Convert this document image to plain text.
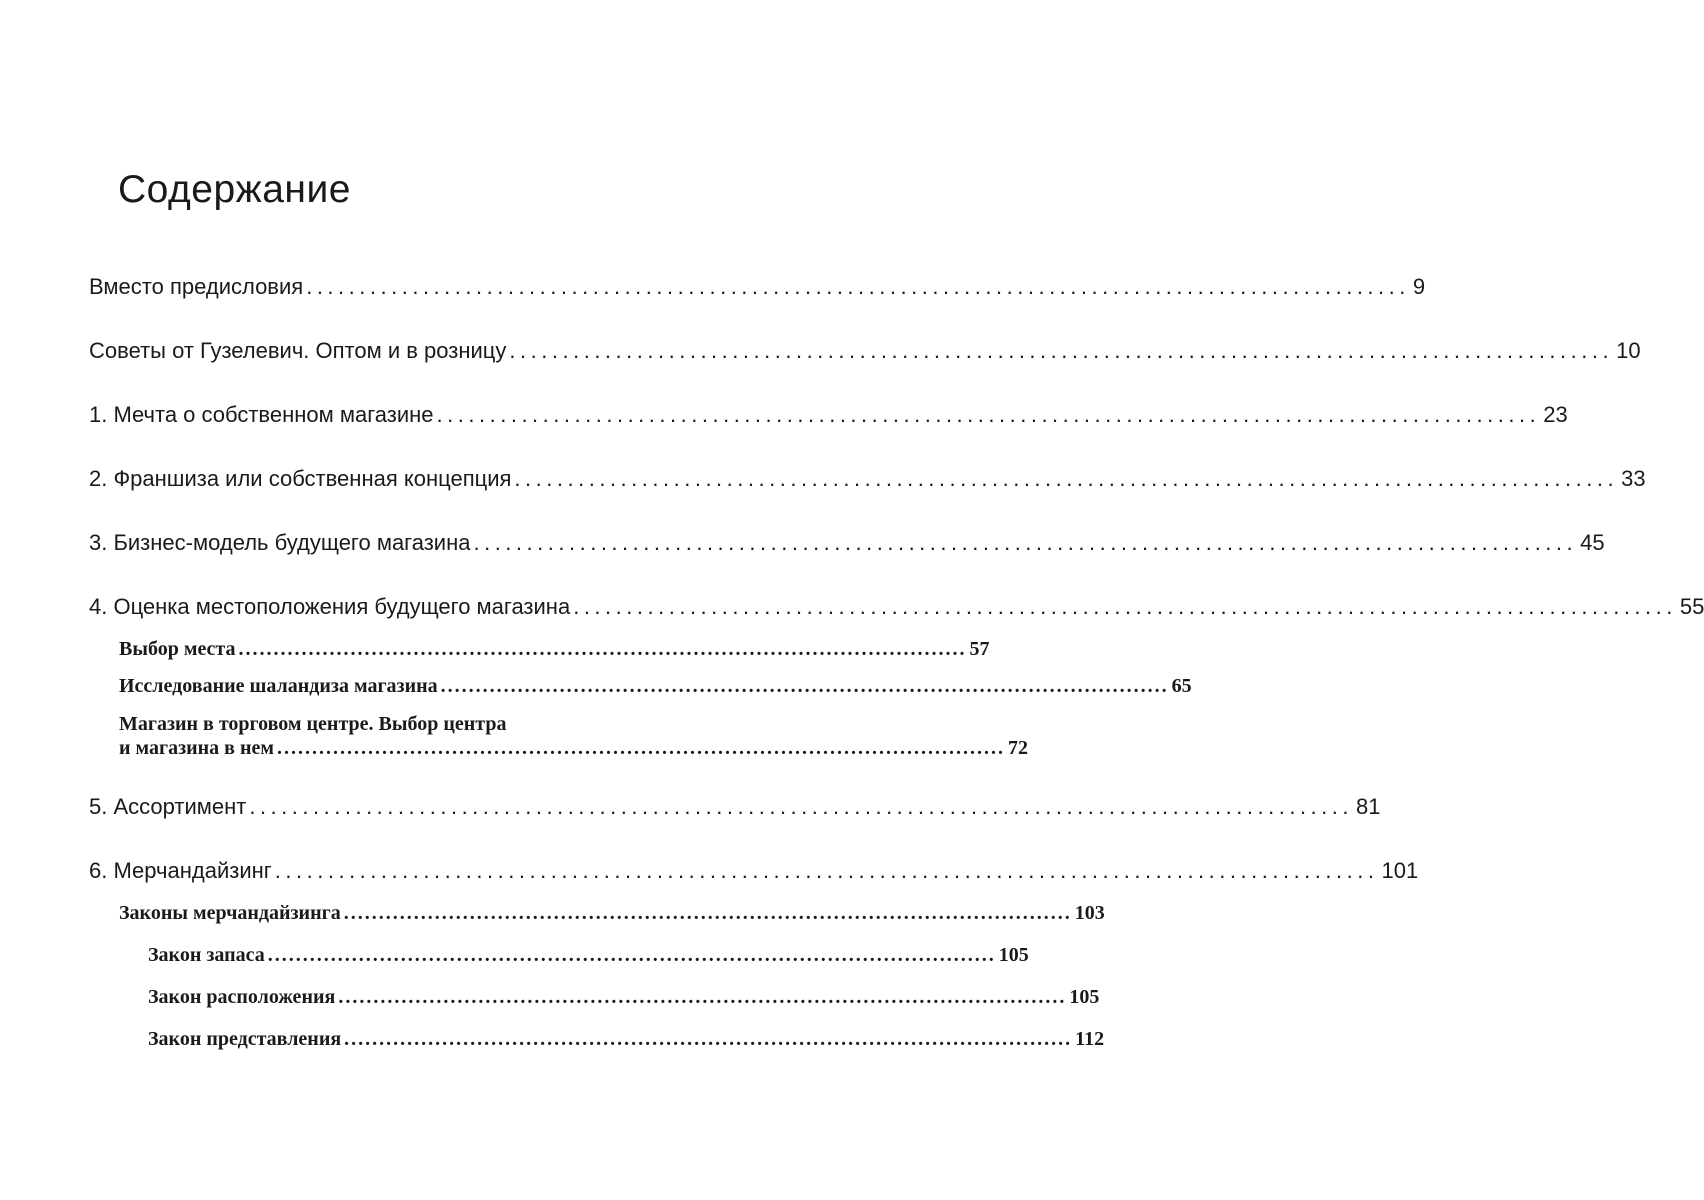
Содержание
Вместо предисловия ........................................................................................................ 9
Советы от Гузелевич. Оптом и в розницу ........................................................................................................ 10
1. Мечта о собственном магазине ........................................................................................................ 23
2. Франшиза или собственная концепция ........................................................................................................ 33
3. Бизнес-модель будущего магазина ........................................................................................................ 45
4. Оценка местоположения будущего магазина ........................................................................................................ 55
Выбор места ........................................................................................................ 57
Исследование шаландиза магазина ........................................................................................................ 65
Магазин в торговом центре. Выбор центра
и магазина в нем ........................................................................................................ 72
5. Ассортимент ........................................................................................................ 81
6. Мерчандайзинг ........................................................................................................ 101
Законы мерчандайзинга ........................................................................................................ 103
Закон запаса ........................................................................................................ 105
Закон расположения ........................................................................................................ 105
Закон представления ........................................................................................................ 112
